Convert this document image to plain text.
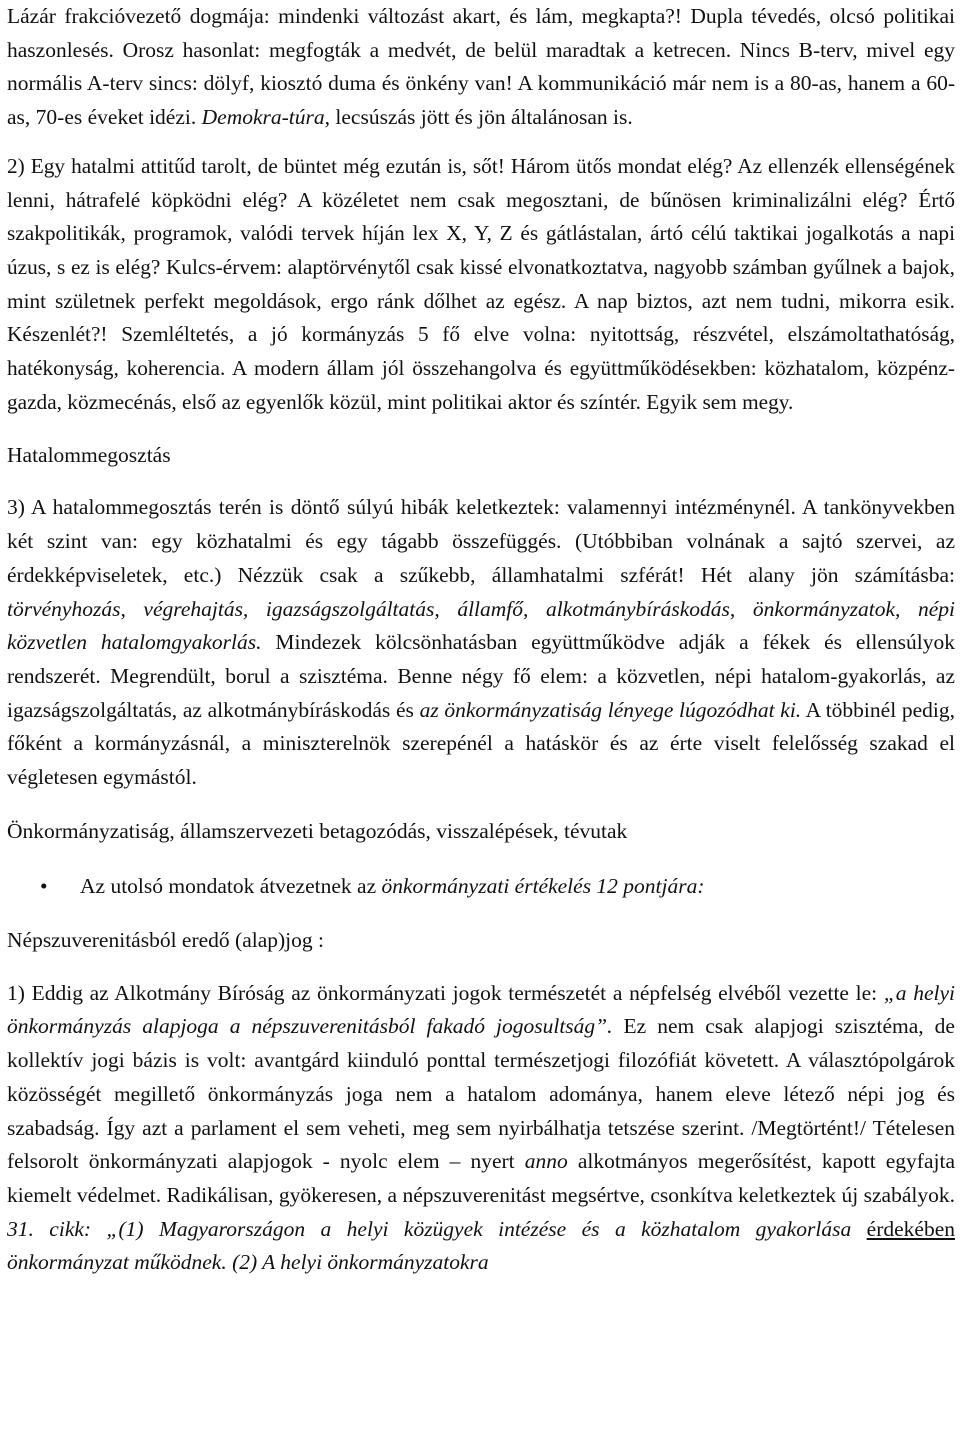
Lázár frakcióvezető dogmája: mindenki változást akart, és lám, megkapta?! Dupla tévedés, olcsó politikai haszonlesés. Orosz hasonlat: megfogták a medvét, de belül maradtak a ketrecen. Nincs B-terv, mivel egy normális A-terv sincs: dölyf, kiosztó duma és önkény van! A kommunikáció már nem is a 80-as, hanem a 60-as, 70-es éveket idézi. Demokra-túra, lecsúszás jött és jön általánosan is.

2) Egy hatalmi attitűd tarolt, de büntet még ezután is, sőt! Három ütős mondat elég? Az ellenzék ellenségének lenni, hátrafelé köpködni elég? A közéletet nem csak megosztani, de bűnösen kriminalizálni elég? Értő szakpolitikák, programok, valódi tervek híján lex X, Y, Z és gátlástalan, ártó célú taktikai jogalkotás a napi úzus, s ez is elég? Kulcs-érvem: alaptörvénytől csak kissé elvonatkoztatva, nagyobb számban gyűlnek a bajok, mint születnek perfekt megoldások, ergo ránk dőlhet az egész. A nap biztos, azt nem tudni, mikorra esik. Készenlét?! Szemléltetés, a jó kormányzás 5 fő elve volna: nyitottság, részvétel, elszámoltathatóság, hatékonyság, koherencia. A modern állam jól összehangolva és együttműködésekben: közhatalom, közpénz-gazda, közmecénás, első az egyenlők közül, mint politikai aktor és színtér. Egyik sem megy.

Hatalommegosztás

3) A hatalommegosztás terén is döntő súlyú hibák keletkeztek: valamennyi intézménynél. A tankönyvekben két szint van: egy közhatalmi és egy tágabb összefüggés. (Utóbbiban volnának a sajtó szervei, az érdekképviseletek, etc.) Nézzük csak a szűkebb, államhatalmi szférát! Hét alany jön számításba: törvényhozás, végrehajtás, igazságszolgáltatás, államfő, alkotmánybíráskodás, önkormányzatok, népi közvetlen hatalomgyakorlás. Mindezek kölcsönhatásban együttműködve adják a fékek és ellensúlyok rendszerét. Megrendült, borul a szisztéma. Benne négy fő elem: a közvetlen, népi hatalom-gyakorlás, az igazságszolgáltatás, az alkotmánybíráskodás és az önkormányzatiság lényege lúgozódhat ki. A többinél pedig, főként a kormányzásnál, a miniszterelnök szerepénél a hatáskör és az érte viselt felelősség szakad el végletesen egymástól.

Önkormányzatiság, államszervezeti betagozódás, visszalépések, tévutak

•	Az utolsó mondatok átvezetnek az önkormányzati értékelés 12 pontjára:

Népszuverenitásból eredő (alap)jog :

1) Eddig az Alkotmány Bíróság az önkormányzati jogok természetét a népfelség elvéből vezette le: „a helyi önkormányzás alapjoga a népszuverenitásból fakadó jogosultság”. Ez nem csak alapjogi szisztéma, de kollektív jogi bázis is volt: avantgárd kiinduló ponttal természetjogi filozófiát követett. A választópolgárok közösségét megillető önkormányzás joga nem a hatalom adománya, hanem eleve létező népi jog és szabadság. Így azt a parlament el sem veheti, meg sem nyirbálhatja tetszése szerint. /Megtörtént!/ Tételesen felsorolt önkormányzati alapjogok - nyolc elem – nyert anno alkotmányos megerősítést, kapott egyfajta kiemelt védelmet. Radikálisan, gyökeresen, a népszuverenitást megsértve, csonkítva keletkeztek új szabályok. 31. cikk: „(1) Magyarországon a helyi közügyek intézése és a közhatalom gyakorlása érdekében önkormányzat működnek. (2) A helyi önkormányzatokra
